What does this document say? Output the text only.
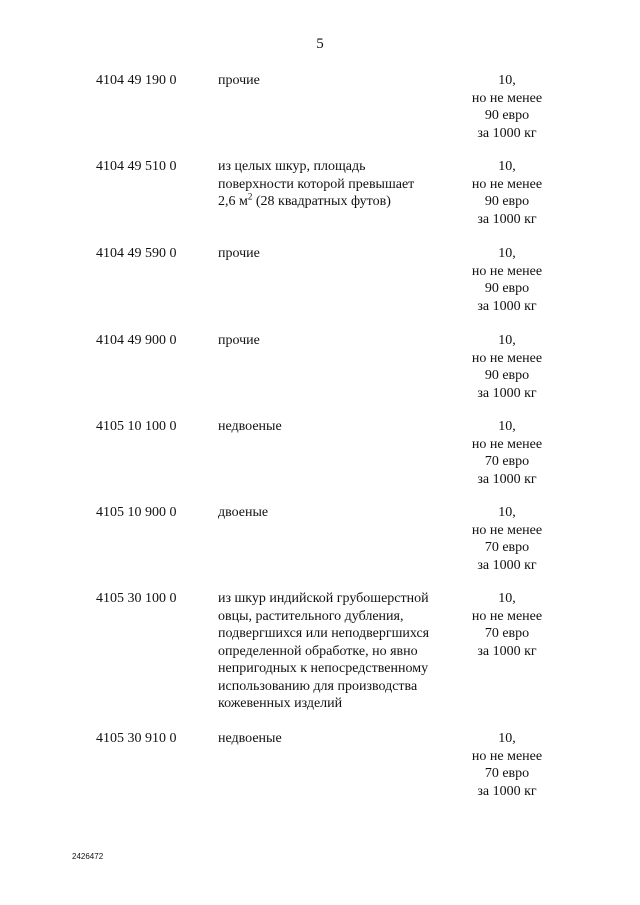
5
4104 49 190 0	прочие	10,
но не менее
90 евро
за 1000 кг
4104 49 510 0	из целых шкур, площадь
поверхности которой превышает
2,6 $м^2$ (28 квадратных футов)
10,
но не менее
90 евро
за 1000 кг
4104 49 590 0	прочие	10,
но не менее
90 евро
за 1000 кг
4104 49 900 0	прочие	10,
но не менее
90 евро
за 1000 кг
4105 10 100 0	недвоеные	10,
но не менее
70 евро
за 1000 кг
4105 10 900 0	двоеные	10,
но не менее
70 евро
за 1000 кг
4105 30 100 0	из шкур индийской грубошерстной
овцы, растительного дубления,
подвергшихся или неподвергшихся
определенной обработке, но явно
непригодных к непосредственному
использованию для производства
кожевенных изделий
10,
но не менее
70 евро
за 1000 кг
4105 30 910 0	недвоеные	10,
но не менее
70 евро
за 1000 кг
2426472
